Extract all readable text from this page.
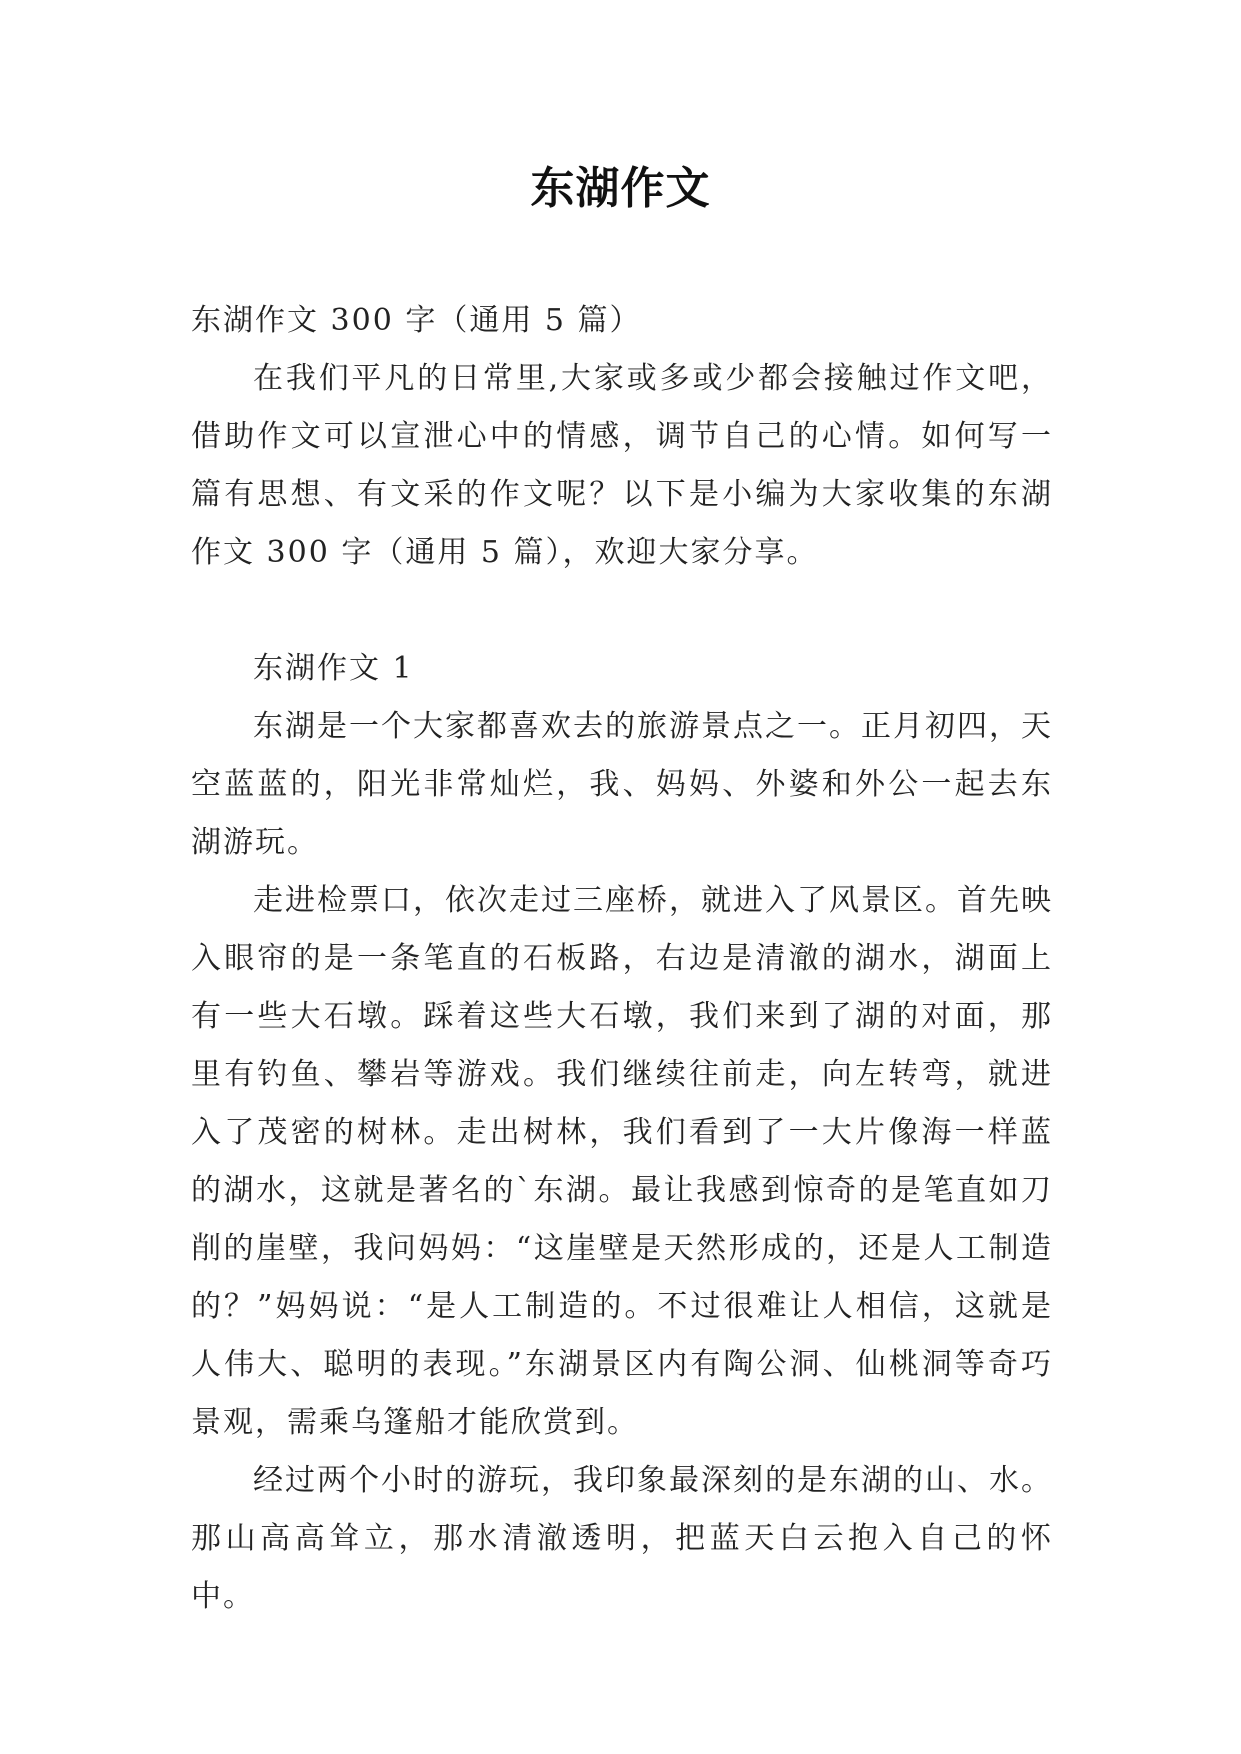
东湖作文

东湖作文 300 字（通用 5 篇）

在我们平凡的日常里,大家或多或少都会接触过作文吧，借助作文可以宣泄心中的情感，调节自己的心情。如何写一篇有思想、有文采的作文呢？以下是小编为大家收集的东湖作文 300 字（通用 5 篇），欢迎大家分享。

东湖作文 1

东湖是一个大家都喜欢去的旅游景点之一。正月初四，天空蓝蓝的，阳光非常灿烂，我、妈妈、外婆和外公一起去东湖游玩。

走进检票口，依次走过三座桥，就进入了风景区。首先映入眼帘的是一条笔直的石板路，右边是清澈的湖水，湖面上有一些大石墩。踩着这些大石墩，我们来到了湖的对面，那里有钓鱼、攀岩等游戏。我们继续往前走，向左转弯，就进入了茂密的树林。走出树林，我们看到了一大片像海一样蓝的湖水，这就是著名的`东湖。最让我感到惊奇的是笔直如刀削的崖壁，我问妈妈：“这崖壁是天然形成的，还是人工制造的？”妈妈说：“是人工制造的。不过很难让人相信，这就是人伟大、聪明的表现。”东湖景区内有陶公洞、仙桃洞等奇巧景观，需乘乌篷船才能欣赏到。

经过两个小时的游玩，我印象最深刻的是东湖的山、水。那山高高耸立，那水清澈透明，把蓝天白云抱入自己的怀中。
